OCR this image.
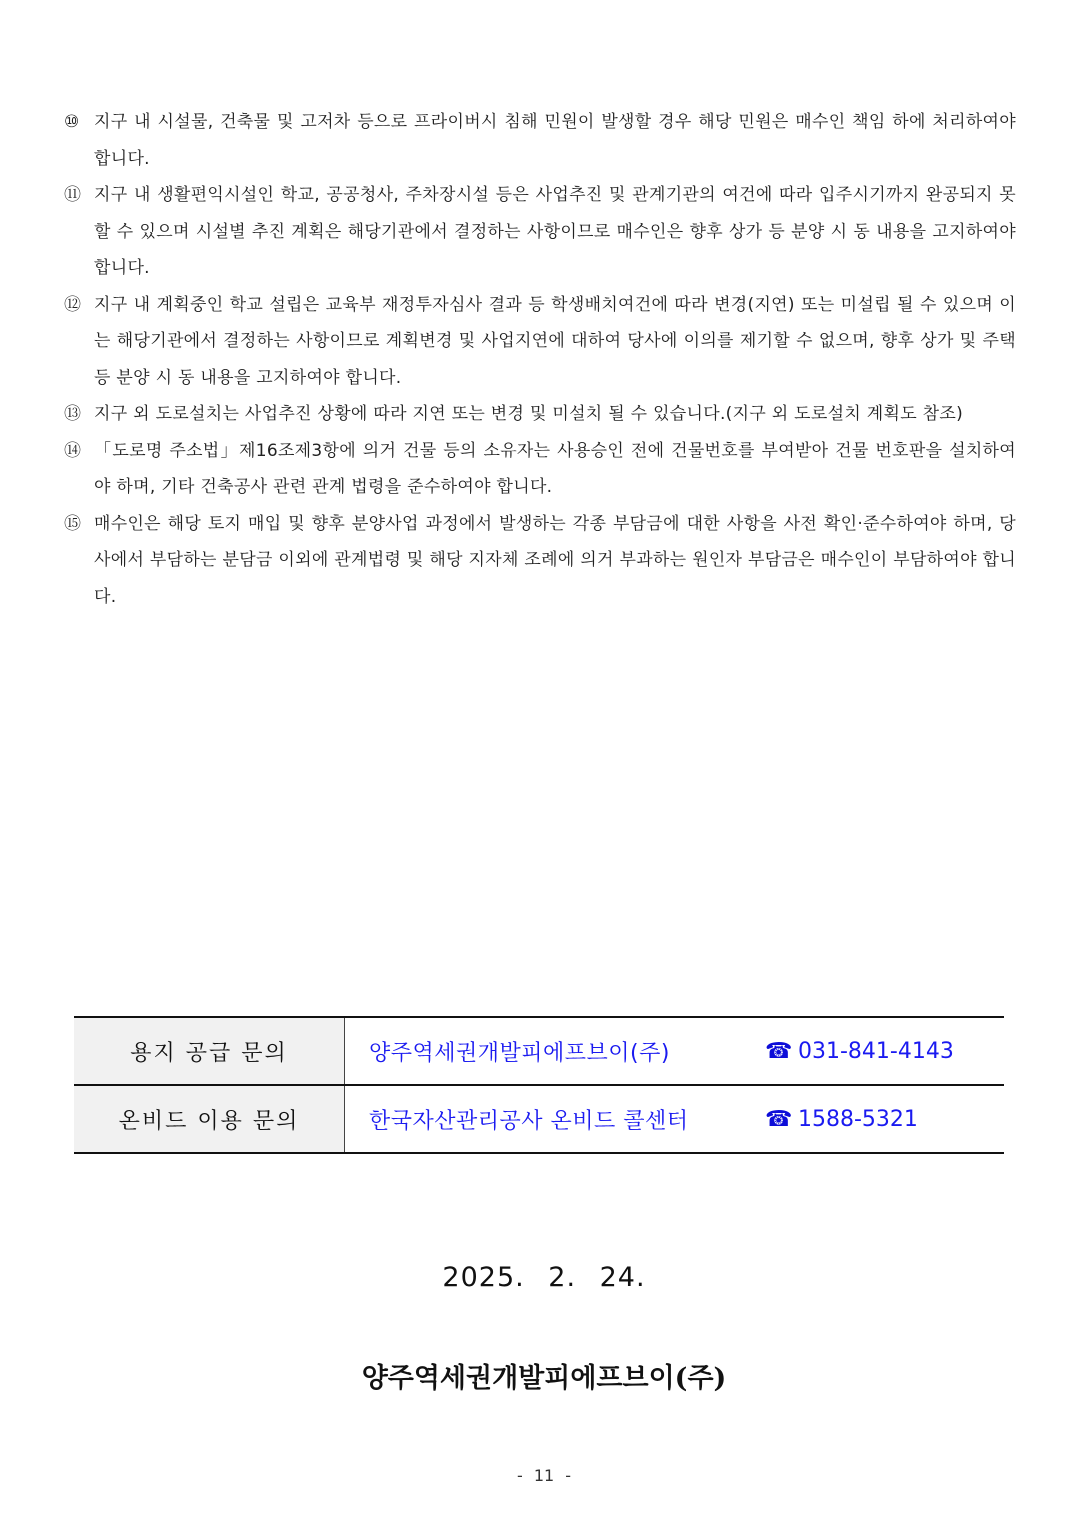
⑩ 지구 내 시설물, 건축물 및 고저차 등으로 프라이버시 침해 민원이 발생할 경우 해당 민원은 매수인 책임 하에 처리하여야 합니다.
⑪ 지구 내 생활편익시설인 학교, 공공청사, 주차장시설 등은 사업추진 및 관계기관의 여건에 따라 입주시기까지 완공되지 못할 수 있으며 시설별 추진 계획은 해당기관에서 결정하는 사항이므로 매수인은 향후 상가 등 분양 시 동 내용을 고지하여야 합니다.
⑫ 지구 내 계획중인 학교 설립은 교육부 재정투자심사 결과 등 학생배치여건에 따라 변경(지연) 또는 미설립 될 수 있으며 이는 해당기관에서 결정하는 사항이므로 계획변경 및 사업지연에 대하여 당사에 이의를 제기할 수 없으며, 향후 상가 및 주택 등 분양 시 동 내용을 고지하여야 합니다.
⑬ 지구 외 도로설치는 사업추진 상황에 따라 지연 또는 변경 및 미설치 될 수 있습니다.(지구 외 도로설치 계획도 참조)
⑭ 「도로명 주소법」제16조제3항에 의거 건물 등의 소유자는 사용승인 전에 건물번호를 부여받아 건물 번호판을 설치하여야 하며, 기타 건축공사 관련 관계 법령을 준수하여야 합니다.
⑮ 매수인은 해당 토지 매입 및 향후 분양사업 과정에서 발생하는 각종 부담금에 대한 사항을 사전 확인·준수하여야 하며, 당사에서 부담하는 분담금 이외에 관계법령 및 해당 지자체 조례에 의거 부과하는 원인자 부담금은 매수인이 부담하여야 합니다.
용지 공급 문의	양주역세권개발피에프브이(주)	☎ 031-841-4143
온비드 이용 문의	한국자산관리공사 온비드 콜센터	☎ 1588-5321
2025. 2. 24.
양주역세권개발피에프브이(주)
- 11 -
